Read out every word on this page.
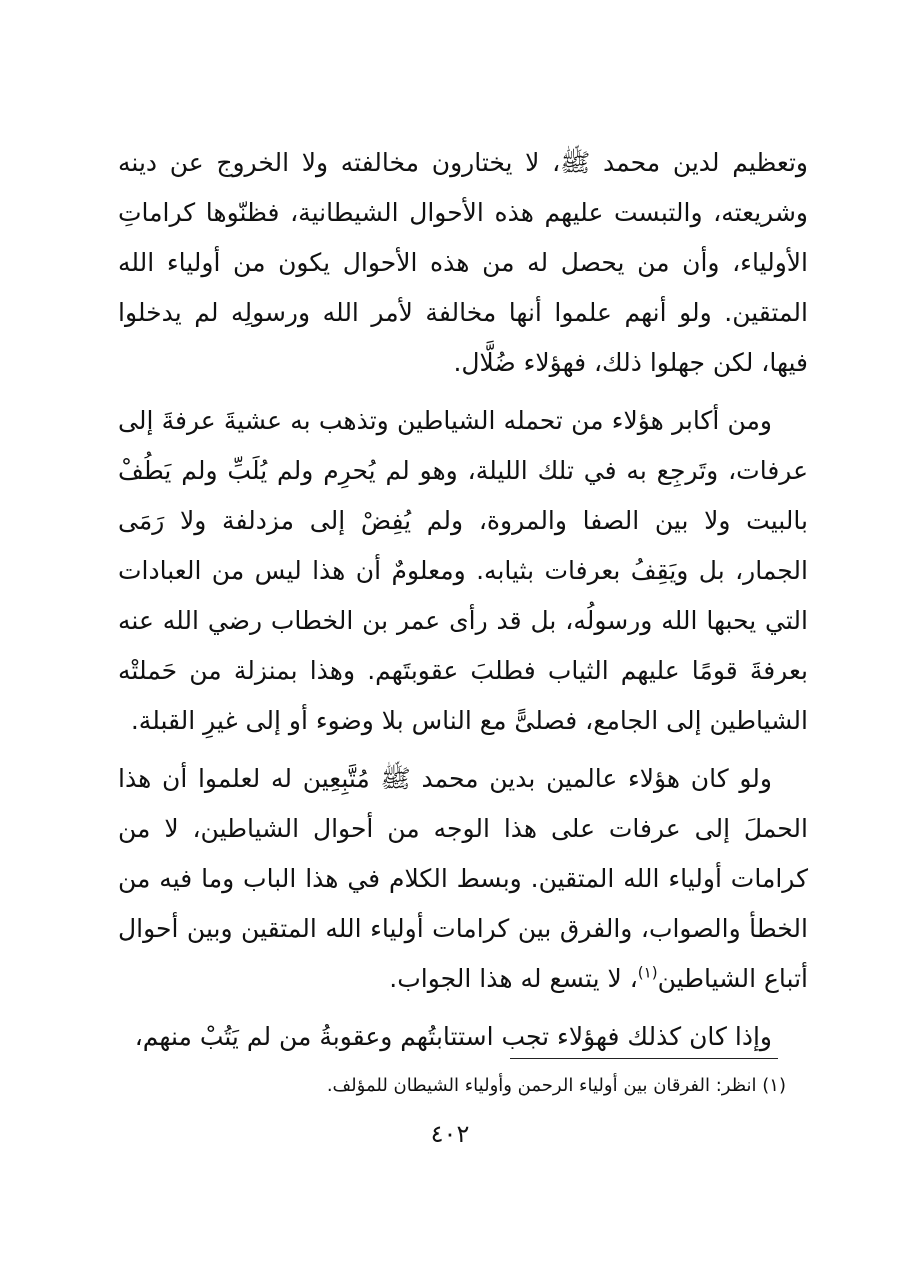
وتعظيم لدين محمد ﷺ، لا يختارون مخالفته ولا الخروج عن دينه وشريعته، والتبست عليهم هذه الأحوال الشيطانية، فظنّوها كراماتِ الأولياء، وأن من يحصل له من هذه الأحوال يكون من أولياء الله المتقين. ولو أنهم علموا أنها مخالفة لأمر الله ورسولِه لم يدخلوا فيها، لكن جهلوا ذلك، فهؤلاء ضُلَّال.

ومن أكابر هؤلاء من تحمله الشياطين وتذهب به عشيةَ عرفةَ إلى عرفات، وتَرجِع به في تلك الليلة، وهو لم يُحرِم ولم يُلَبِّ ولم يَطُفْ بالبيت ولا بين الصفا والمروة، ولم يُفِضْ إلى مزدلفة ولا رَمَى الجمار، بل ويَقِفُ بعرفات بثيابه. ومعلومٌ أن هذا ليس من العبادات التي يحبها الله ورسولُه، بل قد رأى عمر بن الخطاب رضي الله عنه بعرفةَ قومًا عليهم الثياب فطلبَ عقوبتَهم. وهذا بمنزلة من حَملتْه الشياطين إلى الجامع، فصلىًّ مع الناس بلا وضوء أو إلى غيرِ القبلة.

ولو كان هؤلاء عالمين بدين محمد ﷺ مُتَّبِعِين له لعلموا أن هذا الحملَ إلى عرفات على هذا الوجه من أحوال الشياطين، لا من كرامات أولياء الله المتقين. وبسط الكلام في هذا الباب وما فيه من الخطأ والصواب، والفرق بين كرامات أولياء الله المتقين وبين أحوال أتباع الشياطين$^{(١)}$، لا يتسع له هذا الجواب.

وإذا كان كذلك فهؤلاء تجب استتابتُهم وعقوبةُ من لم يَتُبْ منهم،

(١) انظر: الفرقان بين أولياء الرحمن وأولياء الشيطان للمؤلف.
٤٠٢
